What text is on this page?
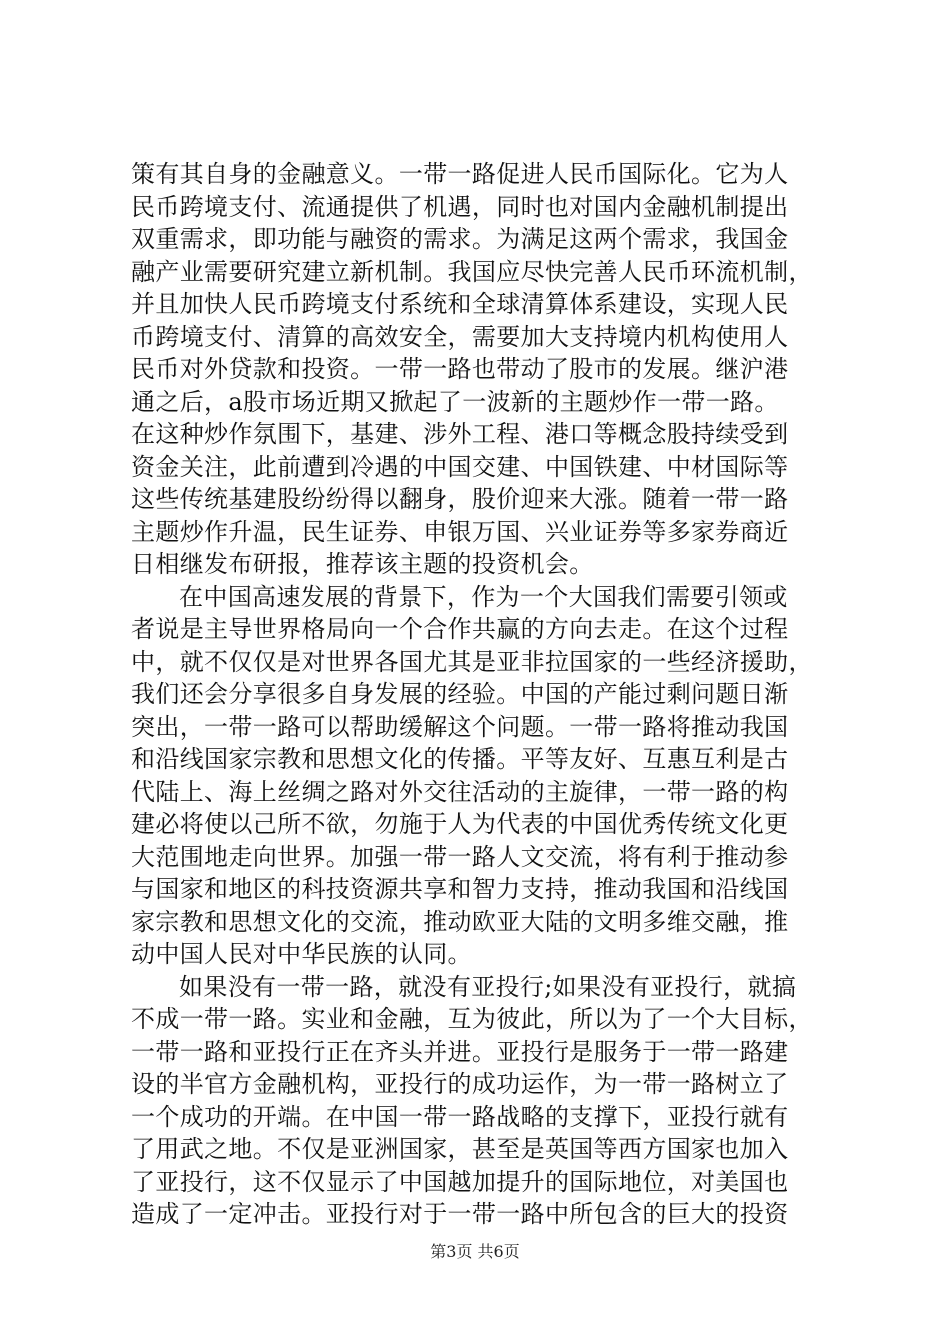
策有其自身的金融意义。一带一路促进人民币国际化。它为人
民币跨境支付、流通提供了机遇，同时也对国内金融机制提出
双重需求，即功能与融资的需求。为满足这两个需求，我国金
融产业需要研究建立新机制。我国应尽快完善人民币环流机制，
并且加快人民币跨境支付系统和全球清算体系建设，实现人民
币跨境支付、清算的高效安全，需要加大支持境内机构使用人
民币对外贷款和投资。一带一路也带动了股市的发展。继沪港
通之后，a股市场近期又掀起了一波新的主题炒作一带一路。
在这种炒作氛围下，基建、涉外工程、港口等概念股持续受到
资金关注，此前遭到冷遇的中国交建、中国铁建、中材国际等
这些传统基建股纷纷得以翻身，股价迎来大涨。随着一带一路
主题炒作升温，民生证券、申银万国、兴业证券等多家券商近
日相继发布研报，推荐该主题的投资机会。
在中国高速发展的背景下，作为一个大国我们需要引领或
者说是主导世界格局向一个合作共赢的方向去走。在这个过程
中，就不仅仅是对世界各国尤其是亚非拉国家的一些经济援助，
我们还会分享很多自身发展的经验。中国的产能过剩问题日渐
突出，一带一路可以帮助缓解这个问题。一带一路将推动我国
和沿线国家宗教和思想文化的传播。平等友好、互惠互利是古
代陆上、海上丝绸之路对外交往活动的主旋律，一带一路的构
建必将使以己所不欲，勿施于人为代表的中国优秀传统文化更
大范围地走向世界。加强一带一路人文交流，将有利于推动参
与国家和地区的科技资源共享和智力支持，推动我国和沿线国
家宗教和思想文化的交流，推动欧亚大陆的文明多维交融，推
动中国人民对中华民族的认同。
如果没有一带一路，就没有亚投行;如果没有亚投行，就搞
不成一带一路。实业和金融，互为彼此，所以为了一个大目标，
一带一路和亚投行正在齐头并进。亚投行是服务于一带一路建
设的半官方金融机构，亚投行的成功运作，为一带一路树立了
一个成功的开端。在中国一带一路战略的支撑下，亚投行就有
了用武之地。不仅是亚洲国家，甚至是英国等西方国家也加入
了亚投行，这不仅显示了中国越加提升的国际地位，对美国也
造成了一定冲击。亚投行对于一带一路中所包含的巨大的投资
第3页 共6页
